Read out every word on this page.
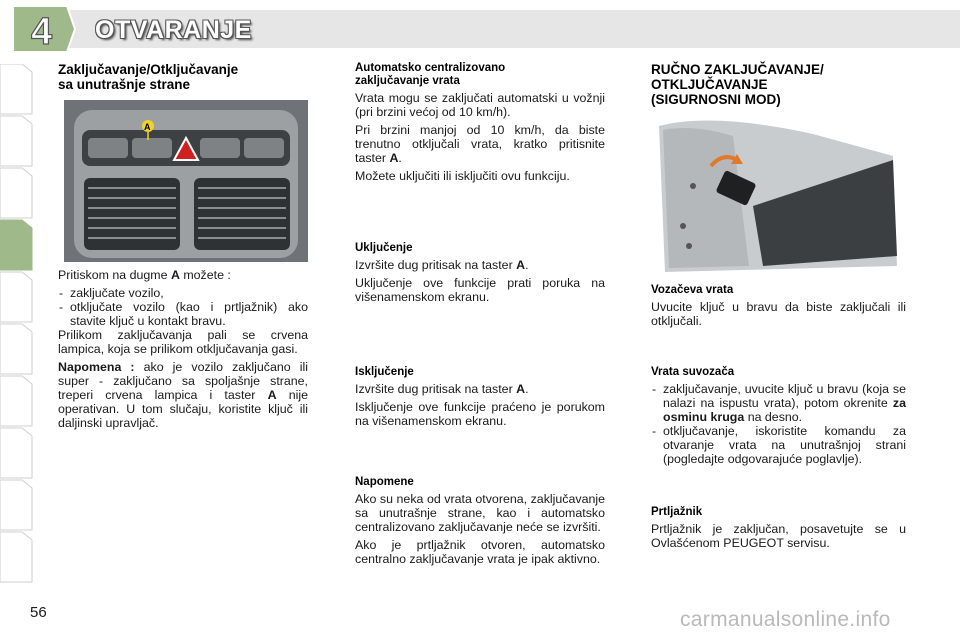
4 OTVARANJE
Zaključavanje/Otključavanje
sa unutrašnje strane
A

Pritiskom na dugme A možete :

- zaključate vozilo,
- otključate vozilo (kao i prtljažnik) ako stavite ključ u kontakt bravu.

Prilikom zaključavanja pali se crvena lampica, koja se prilikom otključavanja gasi.

Napomena : ako je vozilo zaključano ili super - zaključano sa spoljašnje strane, treperi crvena lampica i taster A nije operativan. U tom slučaju, koristite ključ ili daljinski upravljač.

Automatsko centralizovano
zaključavanje vrata

Vrata mogu se zaključati automatski u vožnji (pri brzini većoj od 10 km/h).

Pri brzini manjoj od 10 km/h, da biste trenutno otključali vrata, kratko pritisnite taster A.

Možete uključiti ili isključiti ovu funkciju.

Uključenje

Izvršite dug pritisak na taster A.

Uključenje ove funkcije prati poruka na višenamenskom ekranu.

Isključenje

Izvršite dug pritisak na taster A.

Isključenje ove funkcije praćeno je porukom na višenamenskom ekranu.

Napomene

Ako su neka od vrata otvorena, zaključavanje sa unutrašnje strane, kao i automatsko centralizovano zaključavanje neće se izvršiti.

Ako je prtljažnik otvoren, automatsko centralno zaključavanje vrata je ipak aktivno.

RUČNO ZAKLJUČAVANJE/
OTKLJUČAVANJE
(SIGURNOSNI MOD)
Vozačeva vrata

Uvucite ključ u bravu da biste zaključali ili otključali.

Vrata suvozača
- zaključavanje, uvucite ključ u bravu (koja se nalazi na ispustu vrata), potom okrenite za osminu kruga na desno.
- otključavanje, iskoristite komandu za otvaranje vrata na unutrašnjoj strani (pogledajte odgovarajuće poglavlje).
Prtljažnik

Prtljažnik je zaključan, posavetujte se u Ovlašćenom PEUGEOT servisu.

56	carmanualsonline.info
